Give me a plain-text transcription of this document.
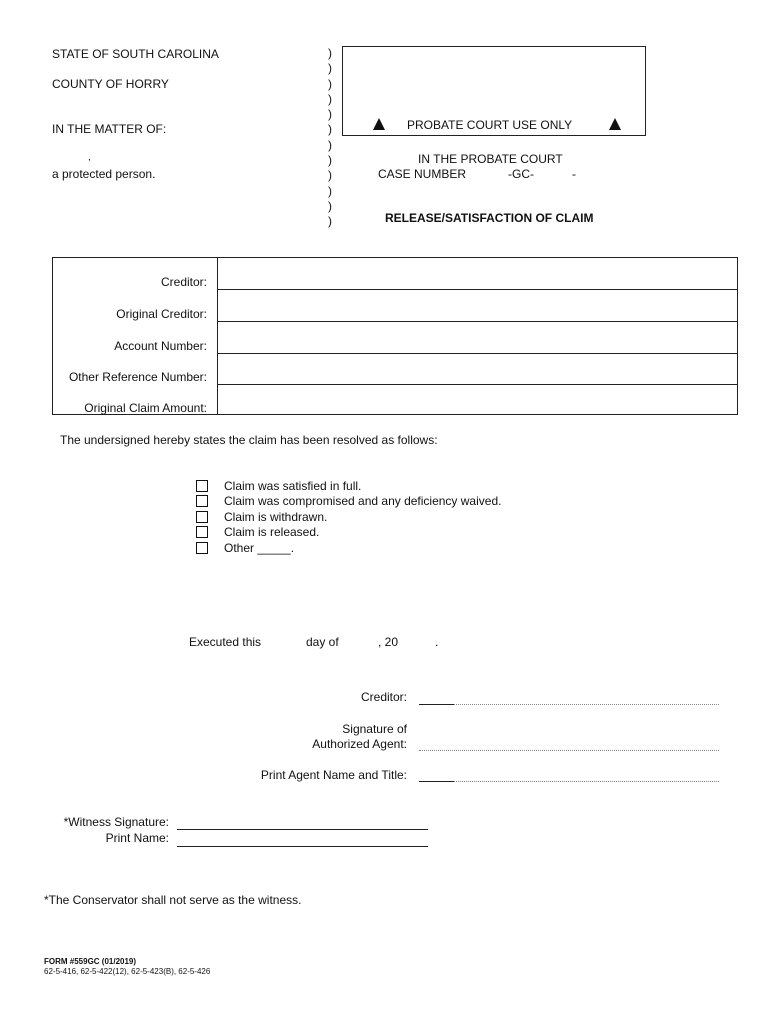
STATE OF SOUTH CAROLINA
COUNTY OF HORRY
IN THE MATTER OF:
,
a protected person.
)
)
)
)
)
)
)
)
)
)
)
)
PROBATE COURT USE ONLY
IN THE PROBATE COURT
CASE NUMBER	-GC-	-
RELEASE/SATISFACTION OF CLAIM
Creditor:
Original Creditor:
Account Number:
Other Reference Number:
Original Claim Amount:
The undersigned hereby states the claim has been resolved as follows:
Claim was satisfied in full.
Claim was compromised and any deficiency waived.
Claim is withdrawn.
Claim is released.
Other _____.
Executed this	day of	, 20	.
Creditor:
Signature of
Authorized Agent:
Print Agent Name and Title:
*Witness Signature:
Print Name:
*The Conservator shall not serve as the witness.
FORM #559GC (01/2019)
62-5-416, 62-5-422(12), 62-5-423(B), 62-5-426
